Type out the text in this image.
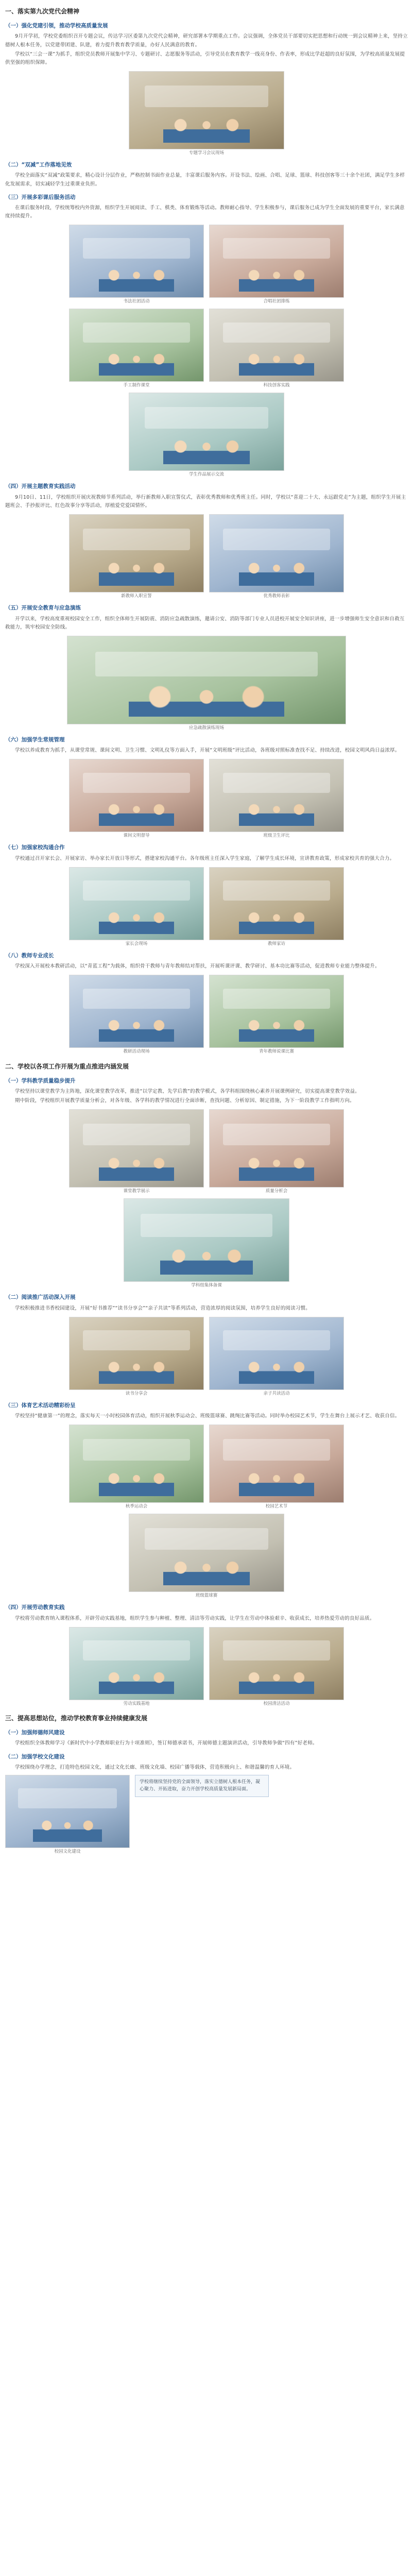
一、落实第九次党代会精神
（一）强化党建引领，推动学校高质量发展

9月开学初，学校党委组织召开专题会议，传达学习区委第九次党代会精神，研究部署本学期重点工作。会议强调，全体党员干部要切实把思想和行动统一到会议精神上来，坚持立德树人根本任务，以党建带团建、队建，着力提升教育教学质量，办好人民满意的教育。

学校以“三会一课”为抓手，组织党员教师开展集中学习、专题研讨、志愿服务等活动，引导党员在教育教学一线亮身份、作表率，形成比学赶超的良好氛围，为学校高质量发展提供坚强的组织保障。

专题学习会议现场
（二）“双减”工作落地见效

学校全面落实“双减”政策要求，精心设计分层作业，严格控制书面作业总量，丰富课后服务内容。开设书法、绘画、合唱、足球、篮球、科技创客等三十余个社团，满足学生多样化发展需求，切实减轻学生过重课业负担。

（三）开展多彩课后服务活动

在课后服务时段，学校统筹校内外资源，组织学生开展阅读、手工、棋类、体育锻炼等活动。教师耐心指导、学生积极参与，课后服务已成为学生全面发展的重要平台，家长满意度持续提升。

书法社团活动	合唱社团排练
手工制作课堂	科技创客实践
学生作品展示交流
（四）开展主题教育实践活动

9月10日、11日，学校组织开展庆祝教师节系列活动，举行新教师入职宣誓仪式，表彰优秀教师和优秀班主任。同时，学校以“喜迎二十大、永远跟党走”为主题，组织学生开展主题班会、手抄报评比、红色故事分享等活动，厚植爱党爱国情怀。

新教师入职宣誓	优秀教师表彰
（五）开展安全教育与应急演练

开学以来，学校高度重视校园安全工作，组织全体师生开展防震、消防应急疏散演练，邀请公安、消防等部门专业人员进校开展安全知识讲座，进一步增强师生安全意识和自救互救能力，筑牢校园安全防线。

应急疏散演练现场
（六）加强学生常规管理

学校以养成教育为抓手，从课堂常规、课间文明、卫生习惯、文明礼仪等方面入手，开展“文明班级”评比活动，各班级对照标准查找不足、持续改进，校园文明风尚日益浓厚。

课间文明督导	班级卫生评比
（七）加强家校沟通合作

学校通过召开家长会、开展家访、举办家长开放日等形式，搭建家校沟通平台。各年级班主任深入学生家庭，了解学生成长环境，宣讲教育政策，形成家校共育的强大合力。

家长会现场	教师家访
（八）教师专业成长

学校深入开展校本教研活动，以“青蓝工程”为载体，组织骨干教师与青年教师结对帮扶，开展听课评课、教学研讨、基本功比赛等活动，促进教师专业能力整体提升。

教研活动现场	青年教师说课比赛
二、学校以各项工作开展为重点推进内涵发展
（一）学科教学质量稳步提升

学校坚持以课堂教学为主阵地，深化课堂教学改革，推进“以学定教、先学后教”的教学模式，各学科组围绕核心素养开展课例研究，切实提高课堂教学效益。

期中阶段，学校组织开展教学质量分析会，对各年级、各学科的教学情况进行全面诊断，查找问题、分析原因、制定措施，为下一阶段教学工作指明方向。

课堂教学展示	质量分析会
学科组集体备课
（二）阅读推广活动深入开展

学校积极推进书香校园建设，开展“好书推荐”“读书分享会”“亲子共读”等系列活动，营造浓厚的阅读氛围，培养学生良好的阅读习惯。

读书分享会	亲子共读活动
（三）体育艺术活动精彩纷呈

学校坚持“健康第一”的理念，落实每天一小时校园体育活动，组织开展秋季运动会、班级篮球赛、跳绳比赛等活动。同时举办校园艺术节，学生在舞台上展示才艺、收获自信。

秋季运动会	校园艺术节
班级篮球赛
（四）开展劳动教育实践

学校将劳动教育纳入课程体系，开辟劳动实践基地，组织学生参与种植、整理、清洁等劳动实践，让学生在劳动中体验艰辛、收获成长，培养热爱劳动的良好品质。

劳动实践基地	校园清洁活动
三、提高思想站位，推动学校教育事业持续健康发展
（一）加强师德师风建设

学校组织全体教师学习《新时代中小学教师职业行为十项准则》，签订师德承诺书，开展师德主题演讲活动，引导教师争做“四有”好老师。

（二）加强学校文化建设

学校围绕办学理念，打造特色校园文化，通过文化长廊、班级文化墙、校园广播等载体，营造积极向上、和谐温馨的育人环境。

校园文化建设
学校将继续坚持党的全面领导，落实立德树人根本任务，凝心聚力、开拓进取，奋力开创学校高质量发展新局面。
